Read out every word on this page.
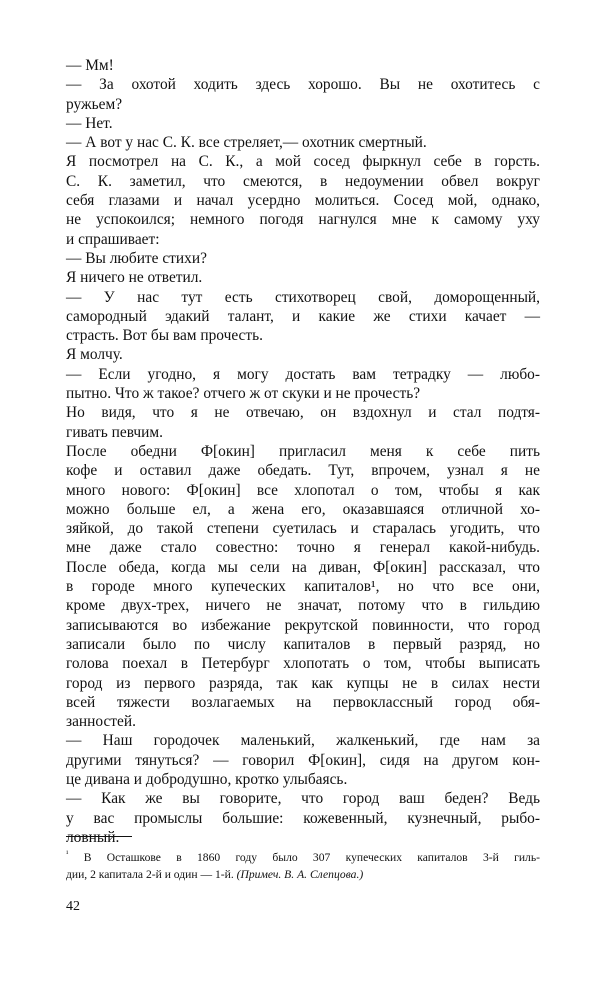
— Мм!

— За охотой ходить здесь хорошо. Вы не охотитесь с
ружьем?

— Нет.

— А вот у нас С. К. все стреляет,— охотник смертный.

Я посмотрел на С. К., а мой сосед фыркнул себе в горсть.
С. К. заметил, что смеются, в недоумении обвел вокруг
себя глазами и начал усердно молиться. Сосед мой, однако,
не успокоился; немного погодя нагнулся мне к самому уху
и спрашивает:

— Вы любите стихи?

Я ничего не ответил.

— У нас тут есть стихотворец свой, доморощенный,
самородный эдакий талант, и какие же стихи качает —
страсть. Вот бы вам прочесть.

Я молчу.

— Если угодно, я могу достать вам тетрадку — любо-
пытно. Что ж такое? отчего ж от скуки и не прочесть?

Но видя, что я не отвечаю, он вздохнул и стал подтя-
гивать певчим.

После обедни Ф[окин] пригласил меня к себе пить
кофе и оставил даже обедать. Тут, впрочем, узнал я не
много нового: Ф[окин] все хлопотал о том, чтобы я как
можно больше ел, а жена его, оказавшаяся отличной хо-
зяйкой, до такой степени суетилась и старалась угодить, что
мне даже стало совестно: точно я генерал какой-нибудь.
После обеда, когда мы сели на диван, Ф[окин] рассказал, что
в городе много купеческих капиталов¹, но что все они,
кроме двух-трех, ничего не значат, потому что в гильдию
записываются во избежание рекрутской повинности, что город
записали было по числу капиталов в первый разряд, но
голова поехал в Петербург хлопотать о том, чтобы выписать
город из первого разряда, так как купцы не в силах нести
всей тяжести возлагаемых на первоклассный город обя-
занностей.

— Наш городочек маленький, жалкенький, где нам за
другими тянуться? — говорил Ф[окин], сидя на другом кон-
це дивана и добродушно, кротко улыбаясь.

— Как же вы говорите, что город ваш беден? Ведь
у вас промыслы большие: кожевенный, кузнечный, рыбо-
ловный.

$^{^1}$ В Осташкове в 1860 году было 307 купеческих капиталов 3-й гиль-
дии, 2 капитала 2-й и один — 1-й. (Примеч. В. А. Слепцова.)
42
